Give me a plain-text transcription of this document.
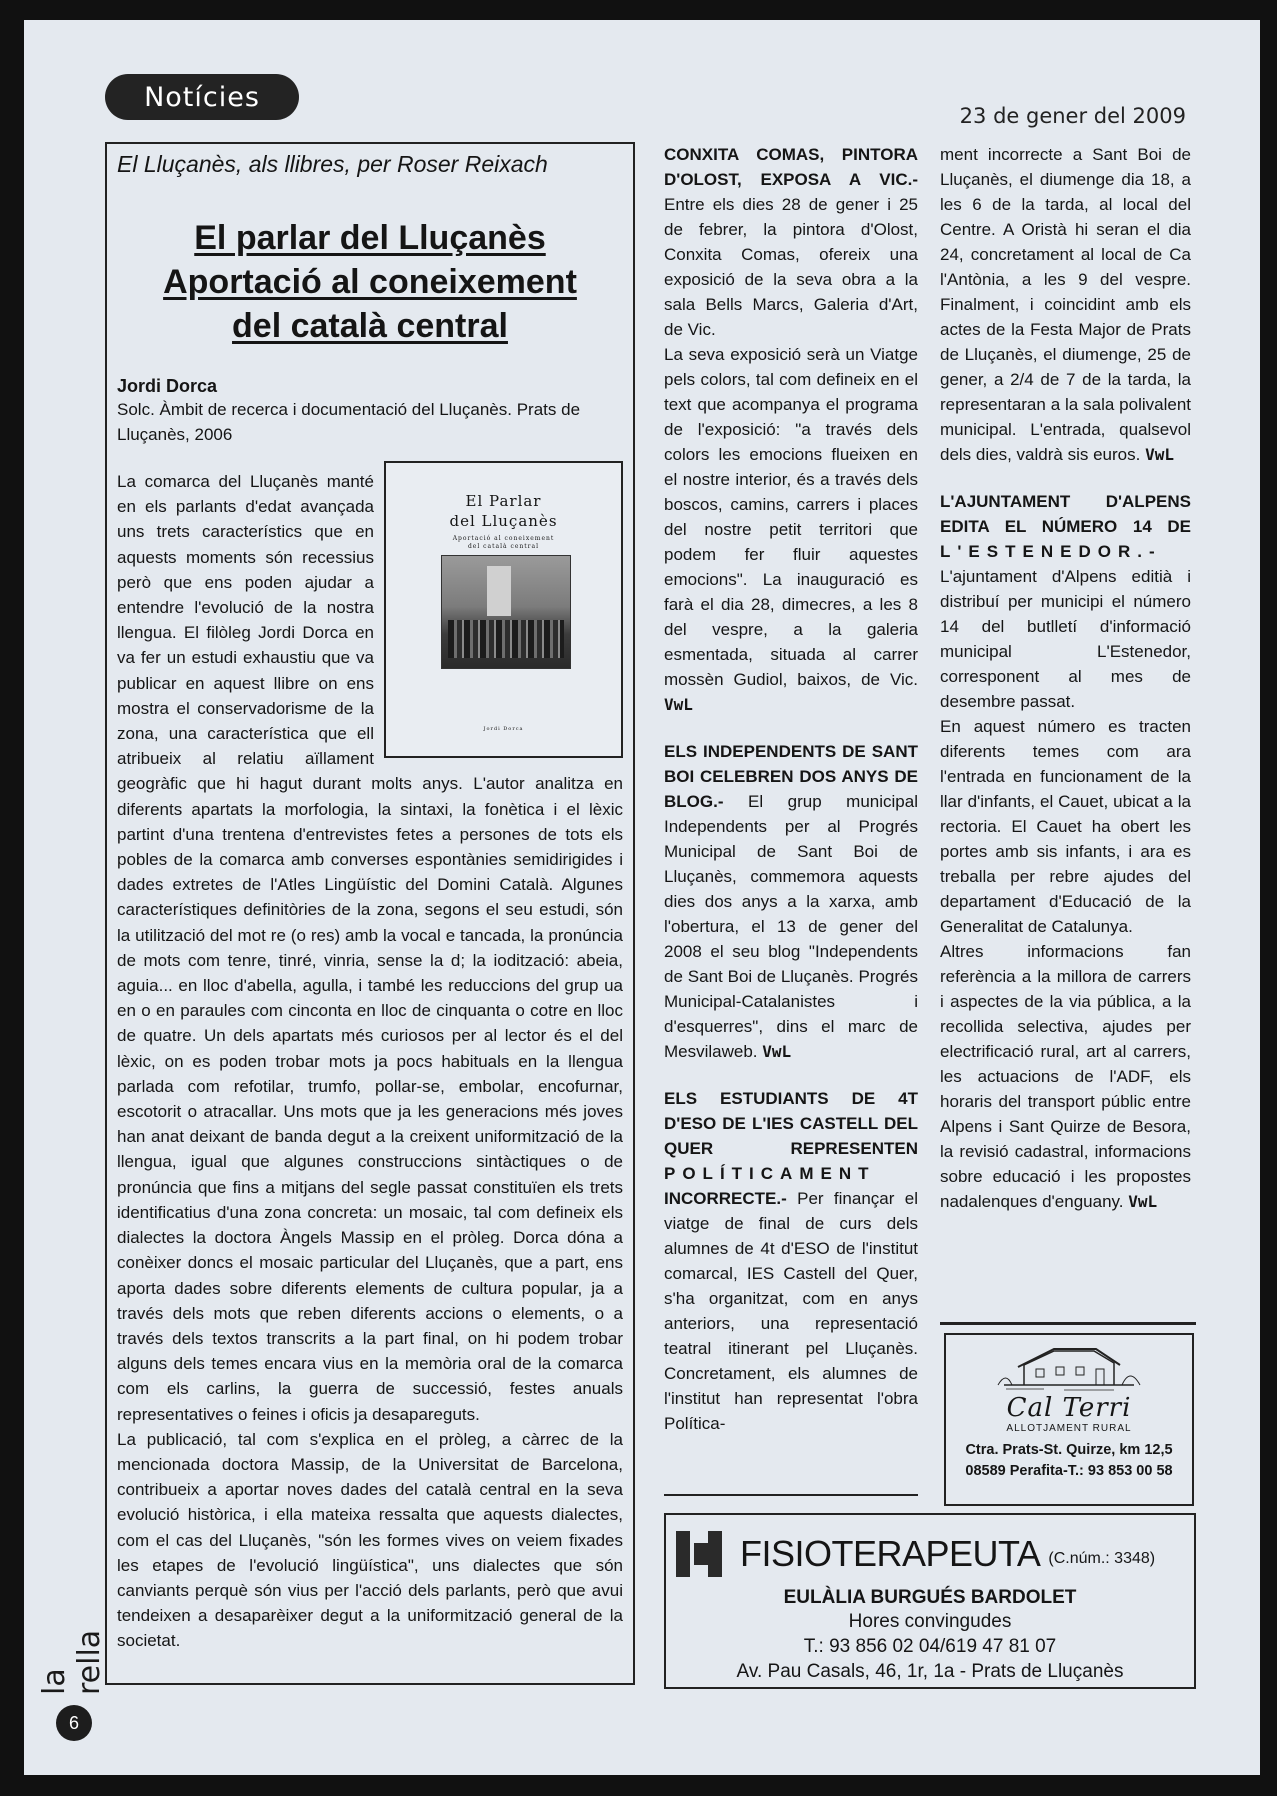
Notícies
23 de gener del 2009
El Lluçanès, als llibres, per Roser Reixach
El parlar del Lluçanès
Aportació al coneixement
del català central
Jordi Dorca
Solc. Àmbit de recerca i documentació del Lluçanès. Prats de Lluçanès, 2006
El Parlar
del Lluçanès
Aportació al coneixement
del català central
Jordi Dorca

La comarca del Lluçanès manté en els parlants d'edat avançada uns trets característics que en aquests moments són recessius però que ens poden ajudar a entendre l'evolució de la nostra llengua. El filòleg Jordi Dorca en va fer un estudi exhaustiu que va publicar en aquest llibre on ens mostra el conservadorisme de la zona, una característica que ell atribueix al relatiu aïllament geogràfic que hi hagut durant molts anys. L'autor analitza en diferents apartats la morfologia, la sintaxi, la fonètica i el lèxic partint d'una trentena d'entrevistes fetes a persones de tots els pobles de la comarca amb converses espontànies semidirigides i dades extretes de l'Atles Lingüístic del Domini Català. Algunes característiques definitòries de la zona, segons el seu estudi, són la utilització del mot re (o res) amb la vocal e tancada, la pronúncia de mots com tenre, tinré, vinria, sense la d; la iodització: abeia, aguia... en lloc d'abella, agulla, i també les reduccions del grup ua en o en paraules com cinconta en lloc de cinquanta o cotre en lloc de quatre. Un dels apartats més curiosos per al lector és el del lèxic, on es poden trobar mots ja pocs habituals en la llengua parlada com refotilar, trumfo, pollar-se, embolar, encofurnar, escotorit o atracallar. Uns mots que ja les generacions més joves han anat deixant de banda degut a la creixent uniformització de la llengua, igual que algunes construccions sintàctiques o de pronúncia que fins a mitjans del segle passat constituïen els trets identificatius d'una zona concreta: un mosaic, tal com defineix els dialectes la doctora Àngels Massip en el pròleg. Dorca dóna a conèixer doncs el mosaic particular del Lluçanès, que a part, ens aporta dades sobre diferents elements de cultura popular, ja a través dels mots que reben diferents accions o elements, o a través dels textos transcrits a la part final, on hi podem trobar alguns dels temes encara vius en la memòria oral de la comarca com els carlins, la guerra de successió, festes anuals representatives o feines i oficis ja desapareguts.

La publicació, tal com s'explica en el pròleg, a càrrec de la mencionada doctora Massip, de la Universitat de Barcelona, contribueix a aportar noves dades del català central en la seva evolució històrica, i ella mateixa ressalta que aquests dialectes, com el cas del Lluçanès, "són les formes vives on veiem fixades les etapes de l'evolució lingüística", uns dialectes que són canviants perquè són vius per l'acció dels parlants, però que avui tendeixen a desaparèixer degut a la uniformització general de la societat.

CONXITA COMAS, PINTORA D'OLOST, EXPOSA A VIC.- Entre els dies 28 de gener i 25 de febrer, la pintora d'Olost, Conxita Comas, ofereix una exposició de la seva obra a la sala Bells Marcs, Galeria d'Art, de Vic.
La seva exposició serà un Viatge pels colors, tal com defineix en el text que acompanya el programa de l'exposició: "a través dels colors les emocions flueixen en el nostre interior, és a través dels boscos, camins, carrers i places del nostre petit territori que podem fer fluir aquestes emocions". La inauguració es farà el dia 28, dimecres, a les 8 del vespre, a la galeria esmentada, situada al carrer mossèn Gudiol, baixos, de Vic. VwL
ELS INDEPENDENTS DE SANT BOI CELEBREN DOS ANYS DE BLOG.- El grup municipal Independents per al Progrés Municipal de Sant Boi de Lluçanès, commemora aquests dies dos anys a la xarxa, amb l'obertura, el 13 de gener del 2008 el seu blog "Independents de Sant Boi de Lluçanès. Progrés Municipal-Catalanistes i d'esquerres", dins el marc de Mesvilaweb. VwL
ELS ESTUDIANTS DE 4T D'ESO DE L'IES CASTELL DEL QUER REPRESENTEN POLÍTICAMENT INCORRECTE.- Per finançar el viatge de final de curs dels alumnes de 4t d'ESO de l'institut comarcal, IES Castell del Quer, s'ha organitzat, com en anys anteriors, una representació teatral itinerant pel Lluçanès. Concretament, els alumnes de l'institut han representat l'obra Política-
ment incorrecte a Sant Boi de Lluçanès, el diumenge dia 18, a les 6 de la tarda, al local del Centre. A Oristà hi seran el dia 24, concretament al local de Ca l'Antònia, a les 9 del vespre. Finalment, i coincidint amb els actes de la Festa Major de Prats de Lluçanès, el diumenge, 25 de gener, a 2/4 de 7 de la tarda, la representaran a la sala polivalent municipal. L'entrada, qualsevol dels dies, valdrà sis euros. VwL
L'AJUNTAMENT D'ALPENS EDITA EL NÚMERO 14 DE L'ESTENEDOR.- L'ajuntament d'Alpens editià i distribuí per municipi el número 14 del butlletí d'informació municipal L'Estenedor, corresponent al mes de desembre passat.
En aquest número es tracten diferents temes com ara l'entrada en funcionament de la llar d'infants, el Cauet, ubicat a la rectoria. El Cauet ha obert les portes amb sis infants, i ara es treballa per rebre ajudes del departament d'Educació de la Generalitat de Catalunya.
Altres informacions fan referència a la millora de carrers i aspectes de la via pública, a la recollida selectiva, ajudes per electrificació rural, art al carrers, les actuacions de l'ADF, els horaris del transport públic entre Alpens i Sant Quirze de Besora, la revisió cadastral, informacions sobre educació i les propostes nadalenques d'enguany. VwL
Cal Terri
ALLOTJAMENT RURAL
Ctra. Prats-St. Quirze, km 12,5
08589 Perafita-T.: 93 853 00 58
FISIOTERAPEUTA (C.núm.: 3348)
EULÀLIA BURGUÉS BARDOLET
Hores convingudes
T.: 93 856 02 04/619 47 81 07
Av. Pau Casals, 46, 1r, 1a - Prats de Lluçanès
la rella
6
